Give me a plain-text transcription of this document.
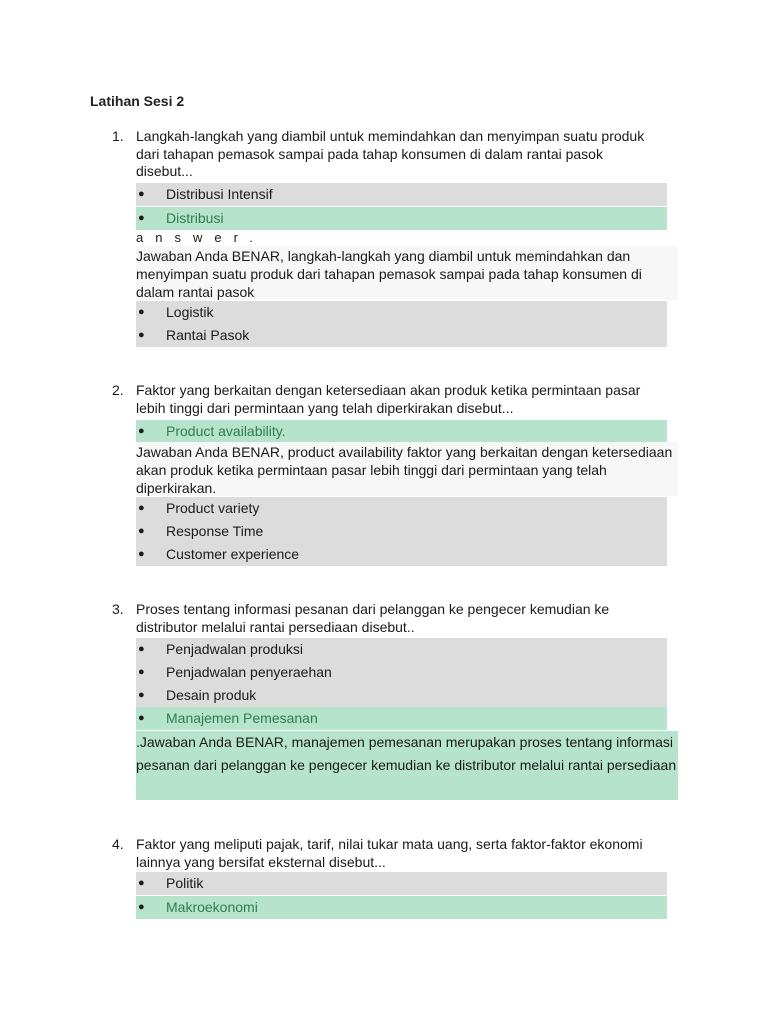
Latihan Sesi 2
1. Langkah-langkah yang diambil untuk memindahkan dan menyimpan suatu produk dari tahapan pemasok sampai pada tahap konsumen di dalam rantai pasok disebut...
● Distribusi Intensif
● Distribusi
answer.
Jawaban Anda BENAR, langkah-langkah yang diambil untuk memindahkan dan menyimpan suatu produk dari tahapan pemasok sampai pada tahap konsumen di dalam rantai pasok
● Logistik
● Rantai Pasok
2. Faktor yang berkaitan dengan ketersediaan akan produk ketika permintaan pasar lebih tinggi dari permintaan yang telah diperkirakan disebut...
● Product availability.
Jawaban Anda BENAR, product availability faktor yang berkaitan dengan ketersediaan akan produk ketika permintaan pasar lebih tinggi dari permintaan yang telah diperkirakan.
● Product variety
● Response Time
● Customer experience
3. Proses tentang informasi pesanan dari pelanggan ke pengecer kemudian ke distributor melalui rantai persediaan disebut..
● Penjadwalan produksi
● Penjadwalan penyeraehan
● Desain produk
● Manajemen Pemesanan
.Jawaban Anda BENAR, manajemen pemesanan merupakan proses tentang informasi pesanan dari pelanggan ke pengecer kemudian ke distributor melalui rantai persediaan
4. Faktor yang meliputi pajak, tarif, nilai tukar mata uang, serta faktor-faktor ekonomi lainnya yang bersifat eksternal disebut...
● Politik
● Makroekonomi
